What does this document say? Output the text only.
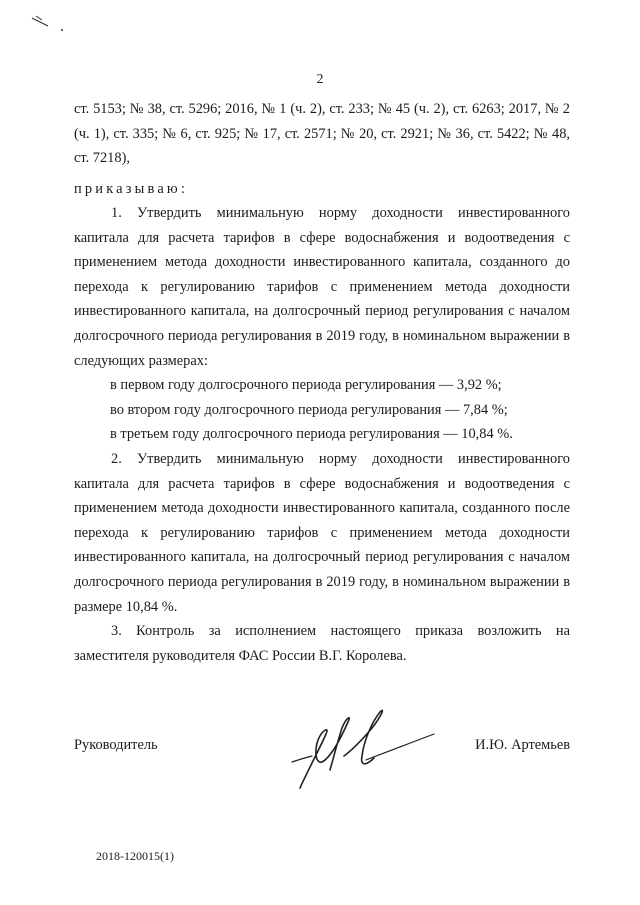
2

ст. 5153; № 38, ст. 5296; 2016, № 1 (ч. 2), ст. 233; № 45 (ч. 2), ст. 6263; 2017, № 2 (ч. 1), ст. 335; № 6, ст. 925; № 17, ст. 2571; № 20, ст. 2921; № 36, ст. 5422; № 48, ст. 7218),

приказываю:

1. Утвердить минимальную норму доходности инвестированного капитала для расчета тарифов в сфере водоснабжения и водоотведения с применением метода доходности инвестированного капитала, созданного до перехода к регулированию тарифов с применением метода доходности инвестированного капитала, на долгосрочный период регулирования с началом долгосрочного периода регулирования в 2019 году, в номинальном выражении в следующих размерах:

в первом году долгосрочного периода регулирования — 3,92 %;

во втором году долгосрочного периода регулирования — 7,84 %;

в третьем году долгосрочного периода регулирования — 10,84 %.

2. Утвердить минимальную норму доходности инвестированного капитала для расчета тарифов в сфере водоснабжения и водоотведения с применением метода доходности инвестированного капитала, созданного после перехода к регулированию тарифов с применением метода доходности инвестированного капитала, на долгосрочный период регулирования с началом долгосрочного периода регулирования в 2019 году, в номинальном выражении в размере 10,84 %.

3. Контроль за исполнением настоящего приказа возложить на заместителя руководителя ФАС России В.Г. Королева.

Руководитель	И.Ю. Артемьев
2018-120015(1)
